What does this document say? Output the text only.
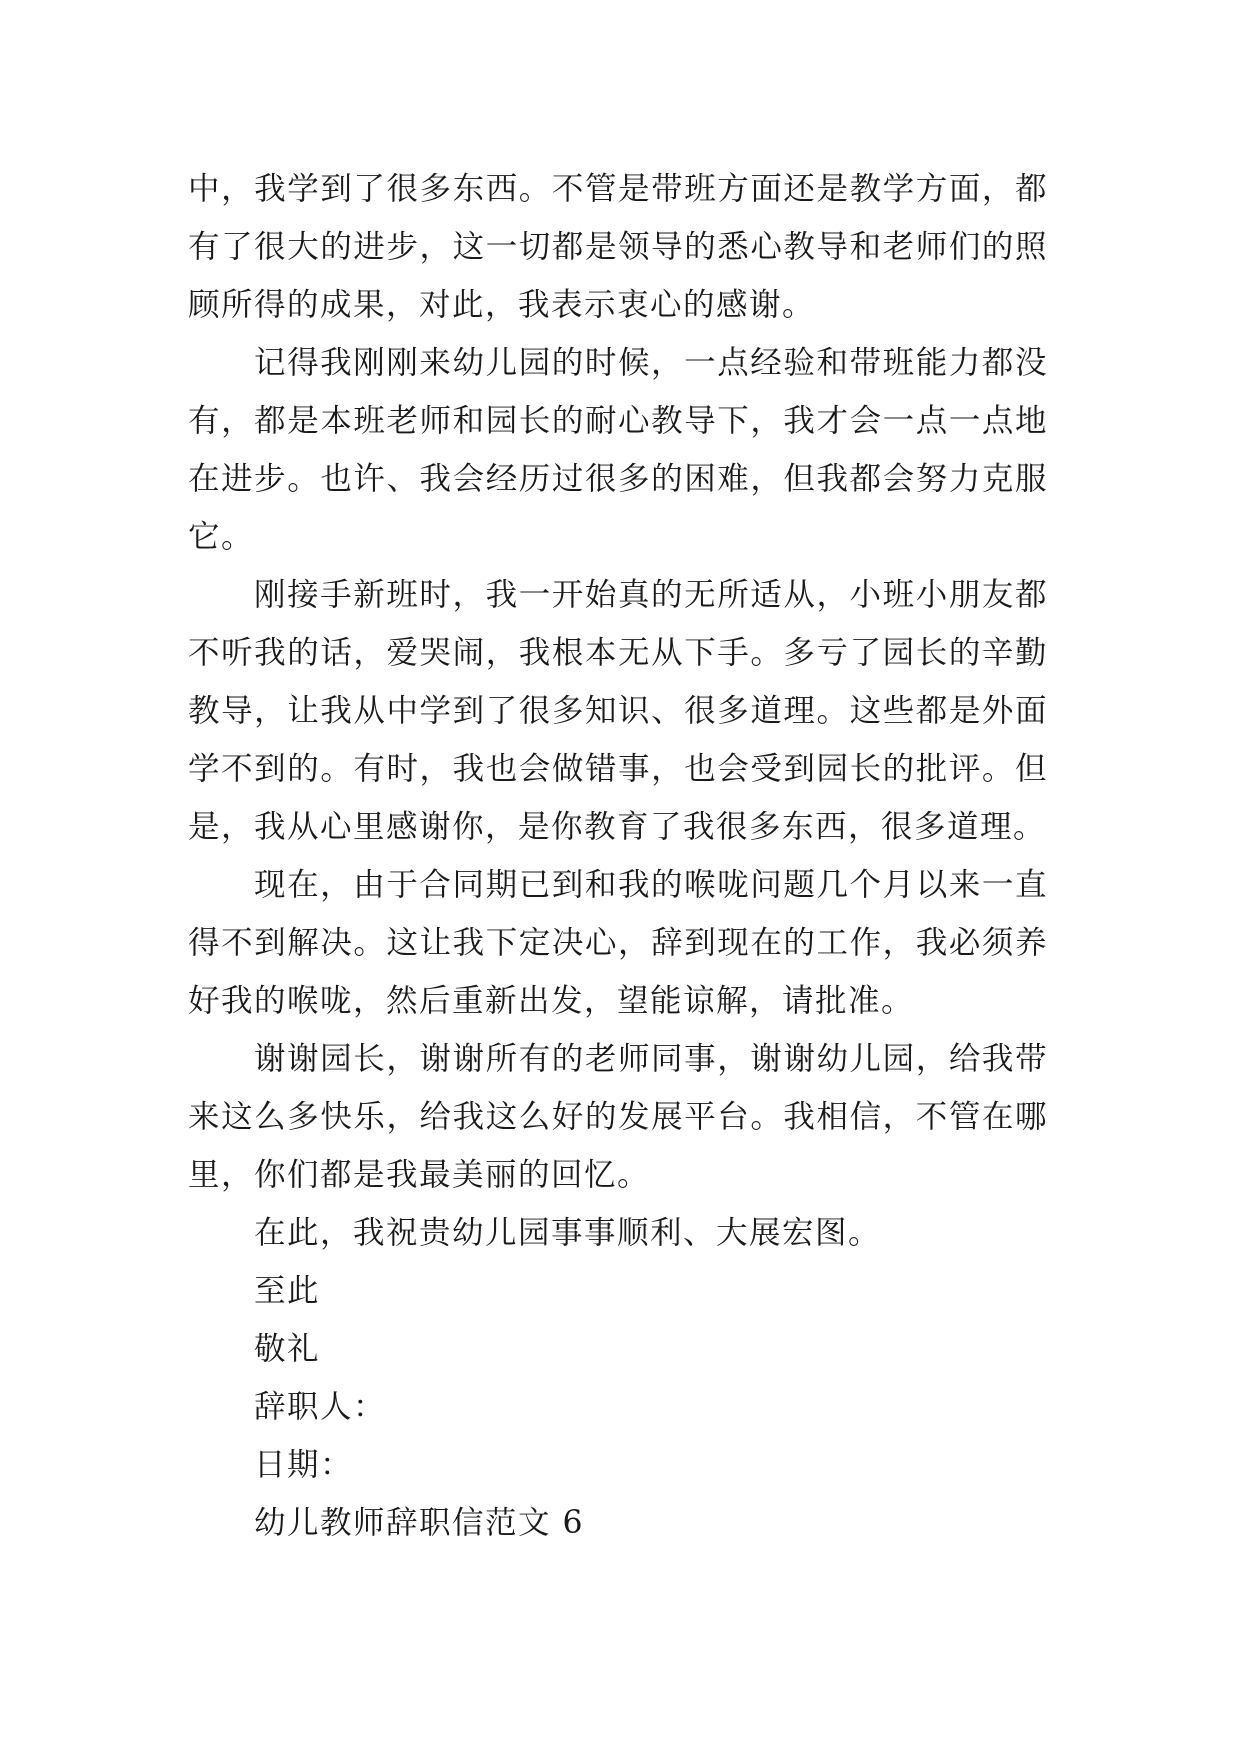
中，我学到了很多东西。不管是带班方面还是教学方面，都有了很大的进步，这一切都是领导的悉心教导和老师们的照顾所得的成果，对此，我表示衷心的感谢。

记得我刚刚来幼儿园的时候，一点经验和带班能力都没有，都是本班老师和园长的耐心教导下，我才会一点一点地在进步。也许、我会经历过很多的困难，但我都会努力克服它。

刚接手新班时，我一开始真的无所适从，小班小朋友都不听我的话，爱哭闹，我根本无从下手。多亏了园长的辛勤教导，让我从中学到了很多知识、很多道理。这些都是外面学不到的。有时，我也会做错事，也会受到园长的批评。但是，我从心里感谢你，是你教育了我很多东西，很多道理。

现在，由于合同期已到和我的喉咙问题几个月以来一直得不到解决。这让我下定决心，辞到现在的工作，我必须养好我的喉咙，然后重新出发，望能谅解，请批准。

谢谢园长，谢谢所有的老师同事，谢谢幼儿园，给我带来这么多快乐，给我这么好的发展平台。我相信，不管在哪里，你们都是我最美丽的回忆。

在此，我祝贵幼儿园事事顺利、大展宏图。

至此

敬礼

辞职人：

日期：

幼儿教师辞职信范文 6
